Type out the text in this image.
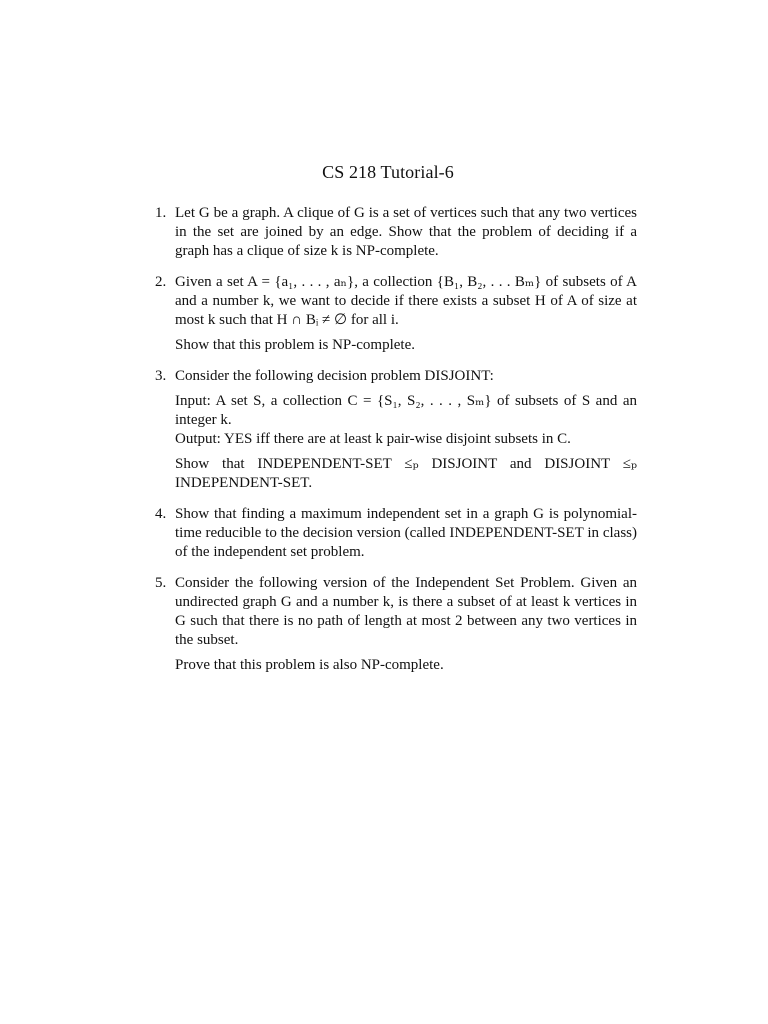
CS 218 Tutorial-6
1. Let G be a graph. A clique of G is a set of vertices such that any two vertices in the set are joined by an edge. Show that the problem of deciding if a graph has a clique of size k is NP-complete.

2. Given a set A = {a₁, . . . , aₙ}, a collection {B₁, B₂, . . . Bₘ} of subsets of A and a number k, we want to decide if there exists a subset H of A of size at most k such that H ∩ Bᵢ ≠ ∅ for all i.

Show that this problem is NP-complete.

3. Consider the following decision problem DISJOINT:

Input: A set S, a collection C = {S₁, S₂, . . . , Sₘ} of subsets of S and an integer k.

Output: YES iff there are at least k pair-wise disjoint subsets in C.

Show that INDEPENDENT-SET ≤ₚ DISJOINT and DISJOINT ≤ₚ INDEPENDENT-SET.

4. Show that finding a maximum independent set in a graph G is polynomial-time reducible to the decision version (called INDEPENDENT-SET in class) of the independent set problem.

5. Consider the following version of the Independent Set Problem. Given an undirected graph G and a number k, is there a subset of at least k vertices in G such that there is no path of length at most 2 between any two vertices in the subset.

Prove that this problem is also NP-complete.
